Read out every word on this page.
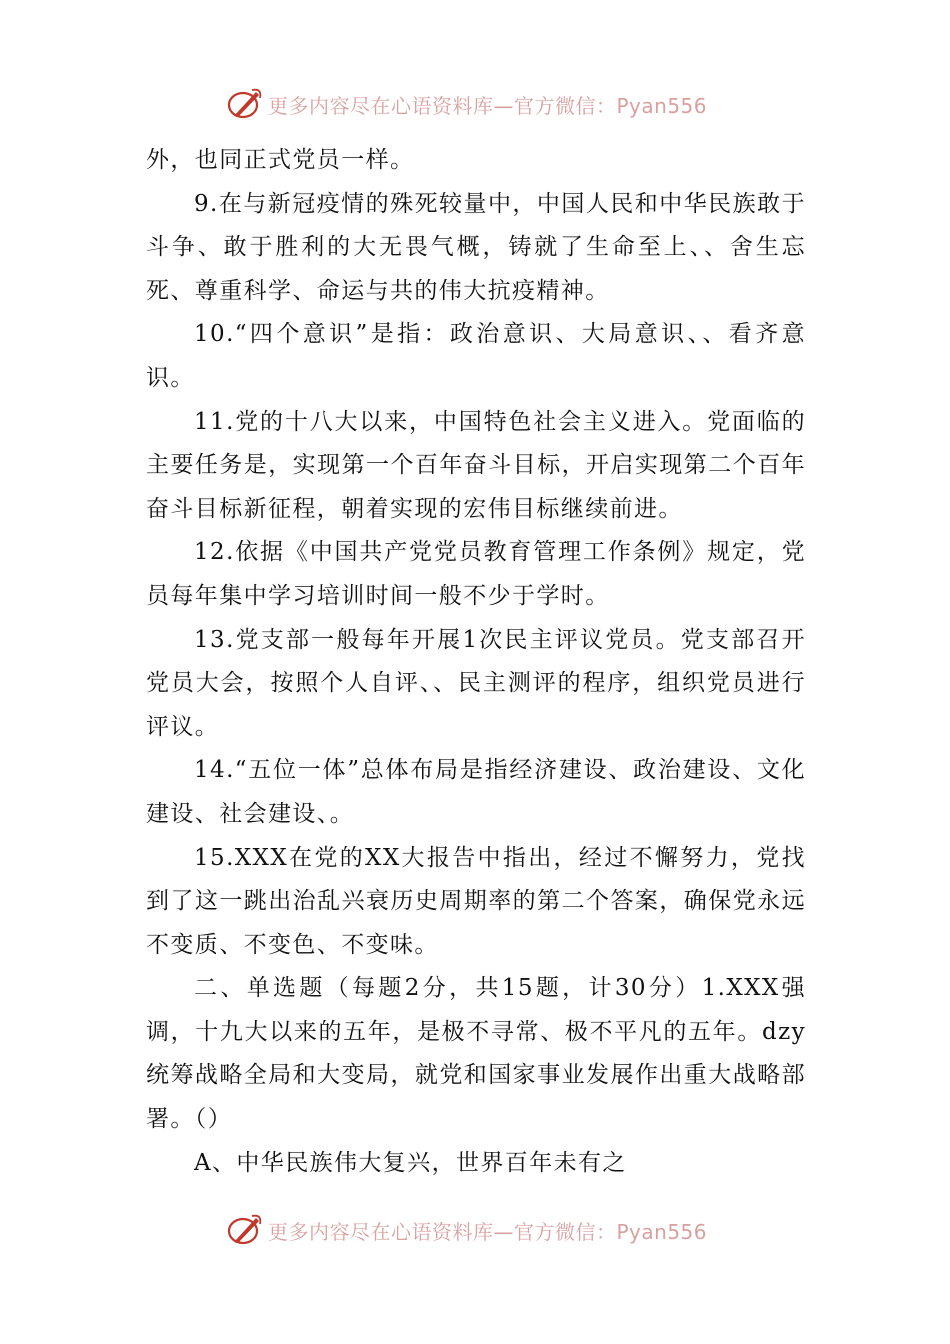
更多内容尽在心语资料库—官方微信：Pyan556

外，也同正式党员一样。

9.在与新冠疫情的殊死较量中，中国人民和中华民族敢于斗争、敢于胜利的大无畏气概，铸就了生命至上、、舍生忘死、尊重科学、命运与共的伟大抗疫精神。

10.“四个意识”是指：政治意识、大局意识、、看齐意识。

11.党的十八大以来，中国特色社会主义进入。党面临的主要任务是，实现第一个百年奋斗目标，开启实现第二个百年奋斗目标新征程，朝着实现的宏伟目标继续前进。

12.依据《中国共产党党员教育管理工作条例》规定，党员每年集中学习培训时间一般不少于学时。

13.党支部一般每年开展1次民主评议党员。党支部召开党员大会，按照个人自评、、民主测评的程序，组织党员进行评议。

14.“五位一体”总体布局是指经济建设、政治建设、文化建设、社会建设、。

15.XXX在党的XX大报告中指出，经过不懈努力，党找到了这一跳出治乱兴衰历史周期率的第二个答案，确保党永远不变质、不变色、不变味。

二、单选题（每题2分，共15题，计30分）1.XXX强调，十九大以来的五年，是极不寻常、极不平凡的五年。dzy统筹战略全局和大变局，就党和国家事业发展作出重大战略部署。（）

A、中华民族伟大复兴，世界百年未有之

更多内容尽在心语资料库—官方微信：Pyan556
